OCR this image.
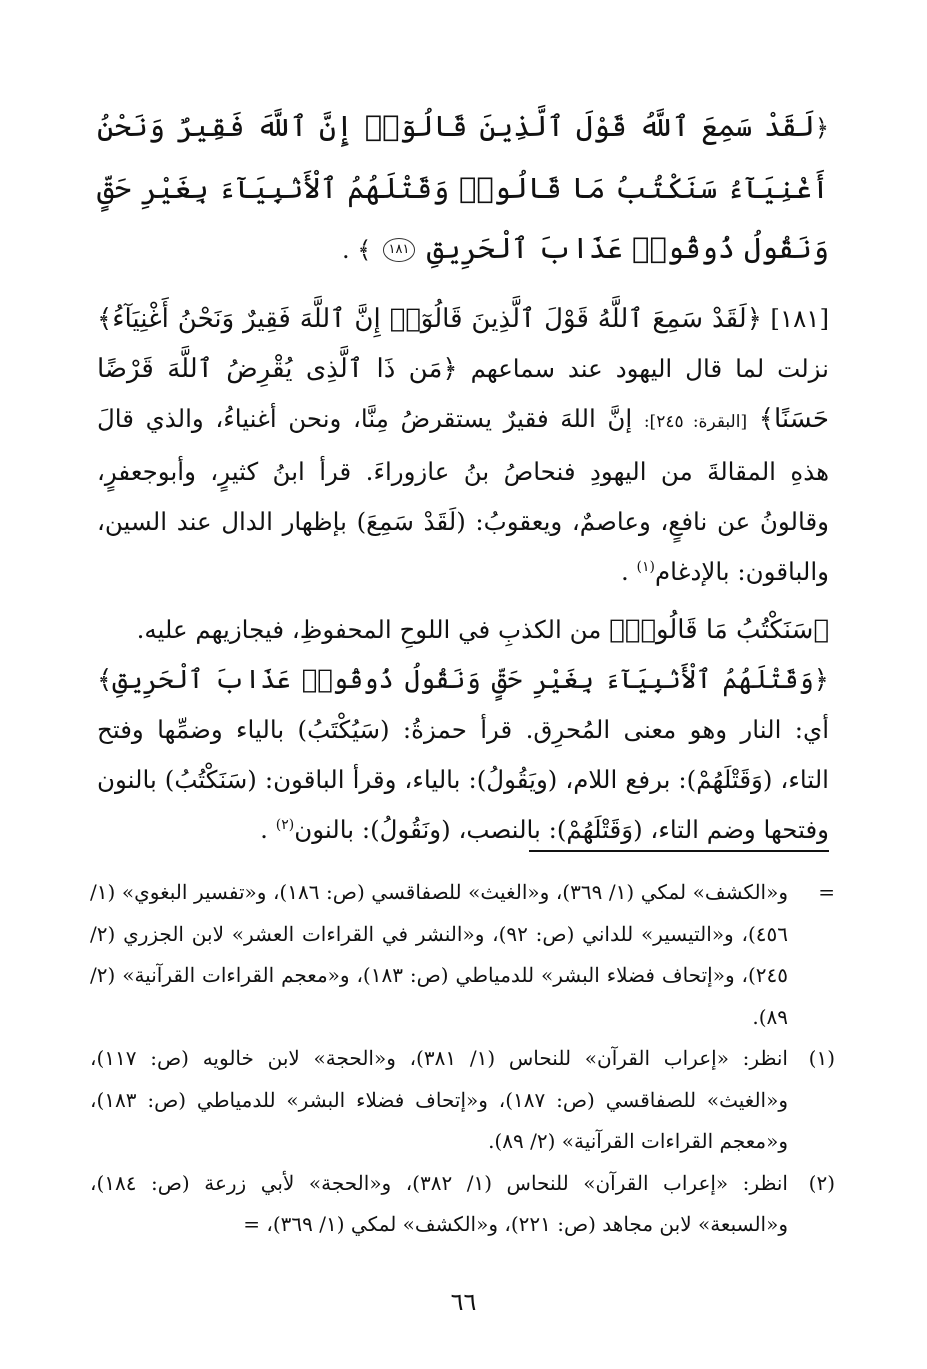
﴿لَقَدْ سَمِعَ ٱللَّهُ قَوْلَ ٱلَّذِينَ قَالُوٓا۟ إِنَّ ٱللَّهَ فَقِيرٌ وَنَحْنُ أَغْنِيَآءُ سَنَكْتُبُ مَا قَالُوا۟ وَقَتْلَهُمُ ٱلْأَنۢبِيَآءَ بِغَيْرِ حَقٍّ وَنَقُولُ ذُوقُوا۟ عَذَابَ ٱلْحَرِيقِ ١٨١ ﴾ .

[١٨١] ﴿لَقَدْ سَمِعَ ٱللَّهُ قَوْلَ ٱلَّذِينَ قَالُوٓا۟ إِنَّ ٱللَّهَ فَقِيرٌ وَنَحْنُ أَغْنِيَآءُ﴾ نزلت لما قال اليهود عند سماعهم ﴿مَن ذَا ٱلَّذِى يُقْرِضُ ٱللَّهَ قَرْضًا حَسَنًا﴾ [البقرة: ٢٤٥]: إنَّ اللهَ فقيرٌ يستقرضُ مِنَّا، ونحن أغنياءُ، والذي قالَ هذهِ المقالةَ من اليهودِ فنحاصُ بنُ عازوراءَ. قرأ ابنُ كثيرٍ، وأبوجعفرٍ، وقالونُ عن نافعٍ، وعاصمٌ، ويعقوبُ: (لَقَدْ سَمِعَ) بإظهار الدال عند السين، والباقون: بالإدغام$^{(١)}$ .

﴿سَنَكْتُبُ مَا قَالُوا۟﴾ من الكذبِ في اللوحِ المحفوظِ، فيجازيهم عليه.

﴿وَقَتْلَهُمُ ٱلْأَنۢبِيَآءَ بِغَيْرِ حَقٍّ وَنَقُولُ ذُوقُوا۟ عَذَابَ ٱلْحَرِيقِ﴾ أي: النار وهو معنى المُحرِق. قرأ حمزةُ: (سَيُكْتَبُ) بالياء وضمِّها وفتح التاء، (وَقَتْلَهُمْ): برفع اللام، (ويَقُولُ): بالياء، وقرأ الباقون: (سَنَكْتُبُ) بالنون وفتحها وضم التاء، (وَقَتْلَهُمْ): بالنصب، (ونَقُولُ): بالنون$^{(٢)}$ .

=
و«الكشف» لمكي (١/ ٣٦٩)، و«الغيث» للصفاقسي (ص: ١٨٦)، و«تفسير البغوي» (١/ ٤٥٦)، و«التيسير» للداني (ص: ٩٢)، و«النشر في القراءات العشر» لابن الجزري (٢/ ٢٤٥)، و«إتحاف فضلاء البشر» للدمياطي (ص: ١٨٣)، و«معجم القراءات القرآنية» (٢/ ٨٩).
(١)
انظر: «إعراب القرآن» للنحاس (١/ ٣٨١)، و«الحجة» لابن خالويه (ص: ١١٧)، و«الغيث» للصفاقسي (ص: ١٨٧)، و«إتحاف فضلاء البشر» للدمياطي (ص: ١٨٣)، و«معجم القراءات القرآنية» (٢/ ٨٩).
(٢)
انظر: «إعراب القرآن» للنحاس (١/ ٣٨٢)، و«الحجة» لأبي زرعة (ص: ١٨٤)، و«السبعة» لابن مجاهد (ص: ٢٢١)، و«الكشف» لمكي (١/ ٣٦٩)، =
٦٦
